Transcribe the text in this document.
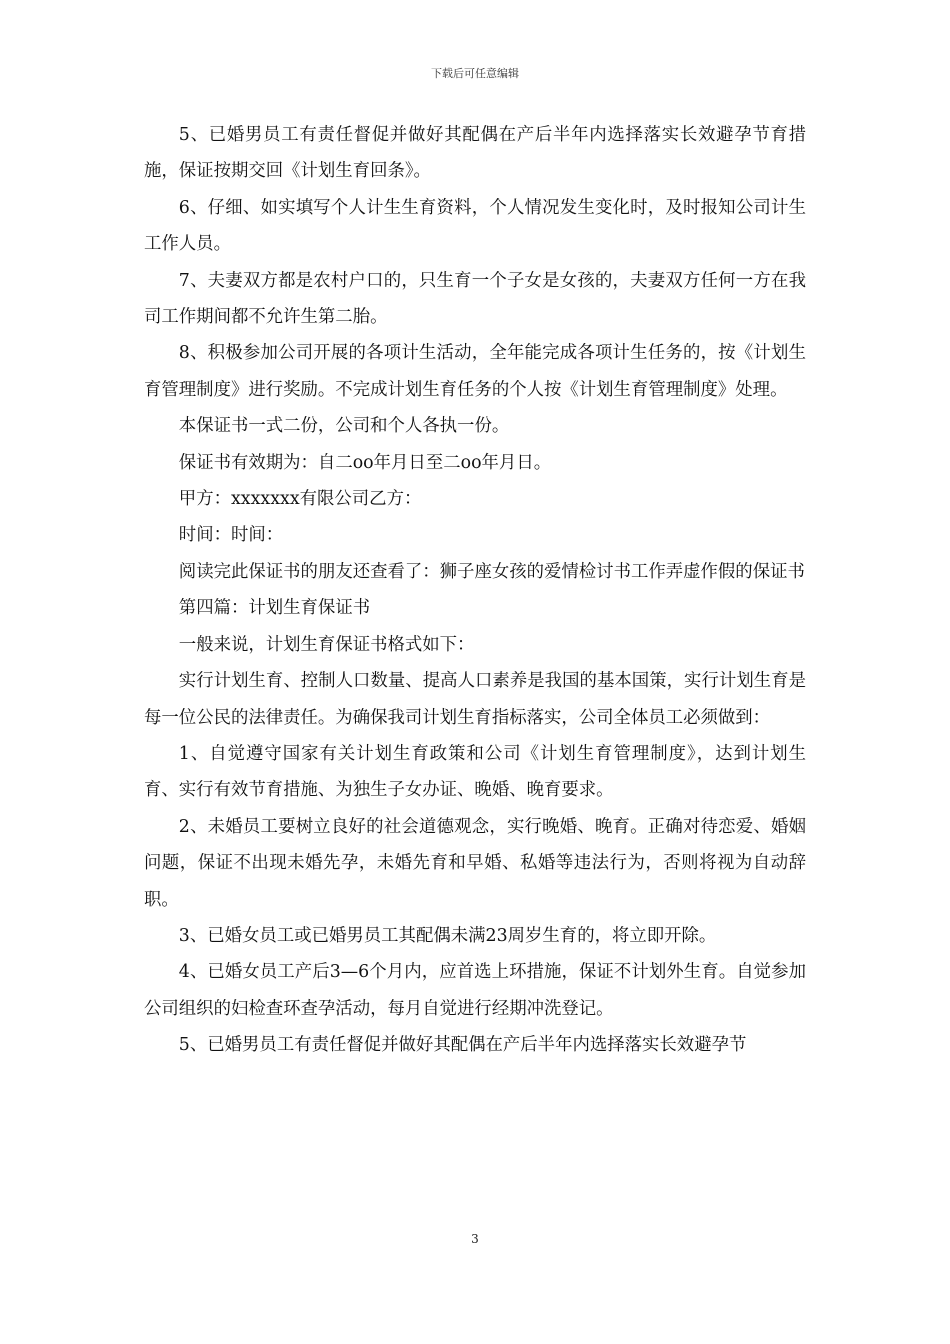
下载后可任意编辑

5、已婚男员工有责任督促并做好其配偶在产后半年内选择落实长效避孕节育措施，保证按期交回《计划生育回条》。

6、仔细、如实填写个人计生生育资料，个人情况发生变化时，及时报知公司计生工作人员。

7、夫妻双方都是农村户口的，只生育一个子女是女孩的，夫妻双方任何一方在我司工作期间都不允许生第二胎。

8、积极参加公司开展的各项计生活动，全年能完成各项计生任务的，按《计划生育管理制度》进行奖励。不完成计划生育任务的个人按《计划生育管理制度》处理。

本保证书一式二份，公司和个人各执一份。

保证书有效期为：自二oo年月日至二oo年月日。

甲方：xxxxxxx有限公司乙方：

时间：时间：

阅读完此保证书的朋友还查看了：狮子座女孩的爱情检讨书工作弄虚作假的保证书

第四篇：计划生育保证书

一般来说，计划生育保证书格式如下：

实行计划生育、控制人口数量、提高人口素养是我国的基本国策，实行计划生育是每一位公民的法律责任。为确保我司计划生育指标落实，公司全体员工必须做到：

1、自觉遵守国家有关计划生育政策和公司《计划生育管理制度》，达到计划生育、实行有效节育措施、为独生子女办证、晚婚、晚育要求。

2、未婚员工要树立良好的社会道德观念，实行晚婚、晚育。正确对待恋爱、婚姻问题，保证不出现未婚先孕，未婚先育和早婚、私婚等违法行为，否则将视为自动辞职。

3、已婚女员工或已婚男员工其配偶未满23周岁生育的，将立即开除。

4、已婚女员工产后3—6个月内，应首选上环措施，保证不计划外生育。自觉参加公司组织的妇检查环查孕活动，每月自觉进行经期冲洗登记。

5、已婚男员工有责任督促并做好其配偶在产后半年内选择落实长效避孕节

3
